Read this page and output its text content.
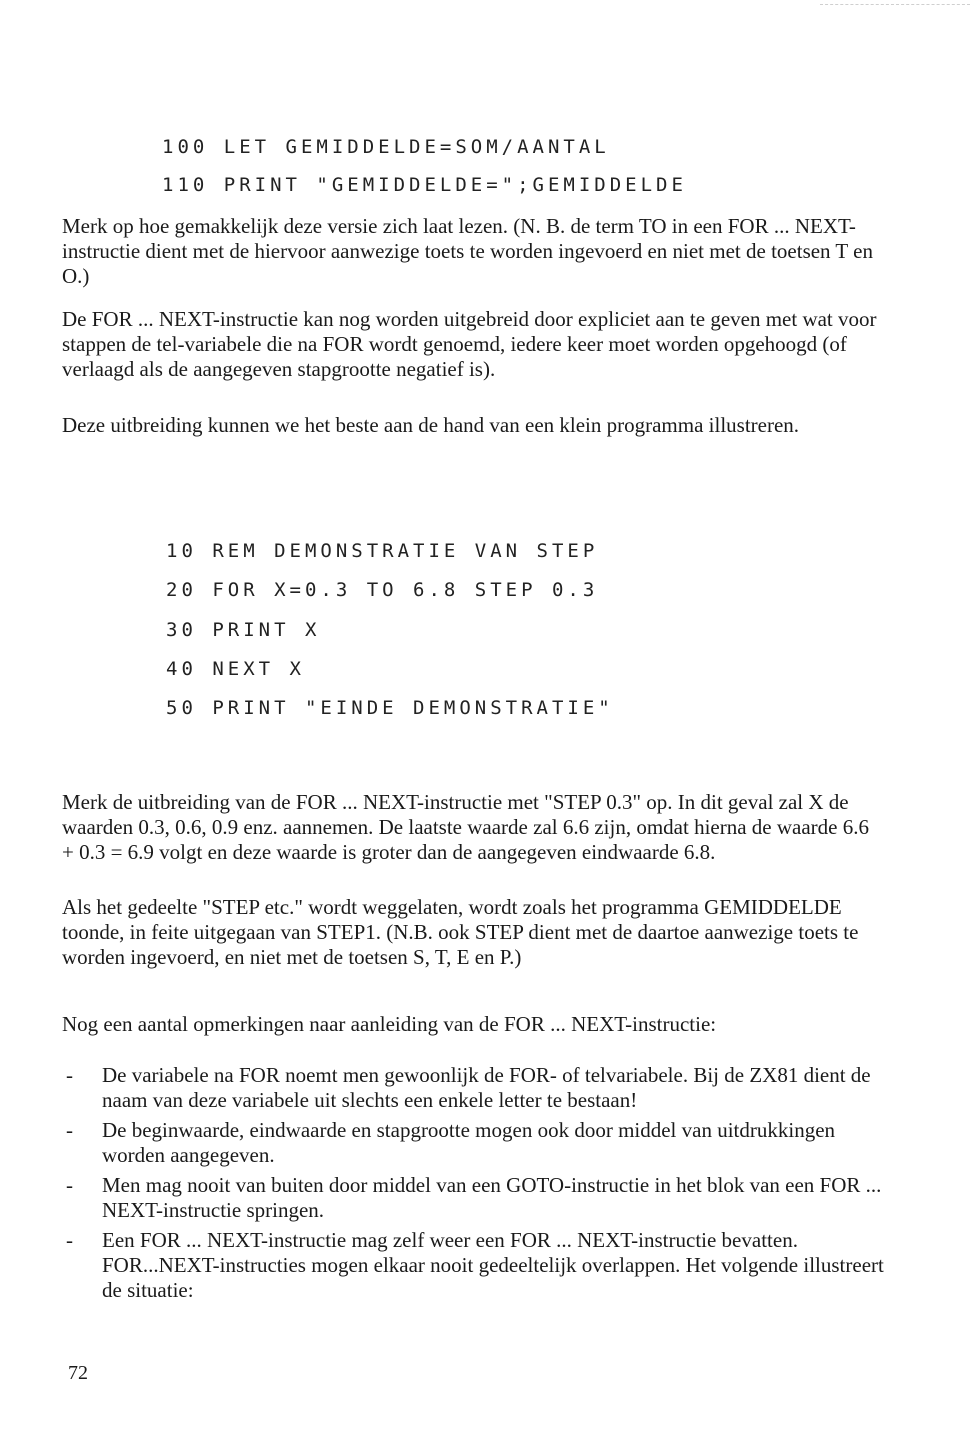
100 LET GEMIDDELDE=SOM/AANTAL
110 PRINT "GEMIDDELDE=";GEMIDDELDE

Merk op hoe gemakkelijk deze versie zich laat lezen. (N. B. de term TO in een FOR ... NEXT-instructie dient met de hiervoor aanwezige toets te worden ingevoerd en niet met de toetsen T en O.)

De FOR ... NEXT-instructie kan nog worden uitgebreid door expliciet aan te geven met wat voor stappen de tel-variabele die na FOR wordt genoemd, iedere keer moet worden opgehoogd (of verlaagd als de aangegeven stapgrootte negatief is).

Deze uitbreiding kunnen we het beste aan de hand van een klein programma illustreren.

10 REM DEMONSTRATIE VAN STEP
20 FOR X=0.3 TO 6.8 STEP 0.3
30 PRINT X
40 NEXT X
50 PRINT "EINDE DEMONSTRATIE"

Merk de uitbreiding van de FOR ... NEXT-instructie met "STEP 0.3" op. In dit geval zal X de waarden 0.3, 0.6, 0.9 enz. aannemen. De laatste waarde zal 6.6 zijn, omdat hierna de waarde 6.6 + 0.3 = 6.9 volgt en deze waarde is groter dan de aangegeven eindwaarde 6.8.

Als het gedeelte "STEP etc." wordt weggelaten, wordt zoals het programma GEMIDDELDE toonde, in feite uitgegaan van STEP1. (N.B. ook STEP dient met de daartoe aanwezige toets te worden ingevoerd, en niet met de toetsen S, T, E en P.)

Nog een aantal opmerkingen naar aanleiding van de FOR ... NEXT-instructie:

- De variabele na FOR noemt men gewoonlijk de FOR- of telvariabele. Bij de ZX81 dient de naam van deze variabele uit slechts een enkele letter te bestaan!
- De beginwaarde, eindwaarde en stapgrootte mogen ook door middel van uitdrukkingen worden aangegeven.
- Men mag nooit van buiten door middel van een GOTO-instructie in het blok van een FOR ... NEXT-instructie springen.
- Een FOR ... NEXT-instructie mag zelf weer een FOR ... NEXT-instructie bevatten. FOR...NEXT-instructies mogen elkaar nooit gedeeltelijk overlappen. Het volgende illustreert de situatie:
72
